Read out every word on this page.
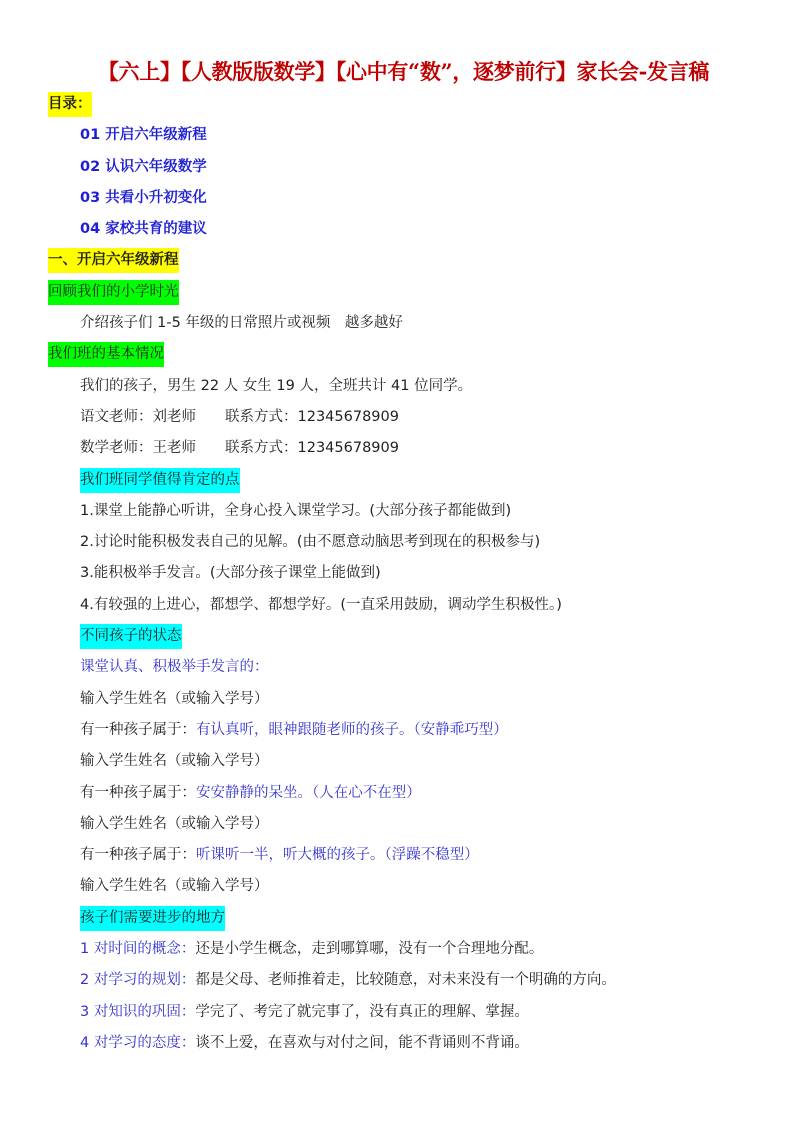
【六上】【人教版版数学】【心中有“数”，逐梦前行】家长会-发言稿
目录：
01 开启六年级新程
02 认识六年级数学
03 共看小升初变化
04 家校共育的建议
一、开启六年级新程
回顾我们的小学时光
介绍孩子们 1-5 年级的日常照片或视频　越多越好
我们班的基本情况
我们的孩子，男生 22 人 女生 19 人，全班共计 41 位同学。
语文老师：刘老师　　联系方式：12345678909
数学老师：王老师　　联系方式：12345678909
我们班同学值得肯定的点
1.课堂上能静心听讲，全身心投入课堂学习。(大部分孩子都能做到)
2.讨论时能积极发表自己的见解。(由不愿意动脑思考到现在的积极参与)
3.能积极举手发言。(大部分孩子课堂上能做到)
4.有较强的上进心，都想学、都想学好。(一直采用鼓励，调动学生积极性。)
不同孩子的状态
课堂认真、积极举手发言的：
输入学生姓名（或输入学号）
有一种孩子属于：有认真听，眼神跟随老师的孩子。（安静乖巧型）
输入学生姓名（或输入学号）
有一种孩子属于：安安静静的呆坐。（人在心不在型）
输入学生姓名（或输入学号）
有一种孩子属于：听课听一半，听大概的孩子。（浮躁不稳型）
输入学生姓名（或输入学号）
孩子们需要进步的地方
1 对时间的概念：还是小学生概念，走到哪算哪，没有一个合理地分配。
2 对学习的规划：都是父母、老师推着走，比较随意，对未来没有一个明确的方向。
3 对知识的巩固：学完了、考完了就完事了，没有真正的理解、掌握。
4 对学习的态度：谈不上爱，在喜欢与对付之间，能不背诵则不背诵。
